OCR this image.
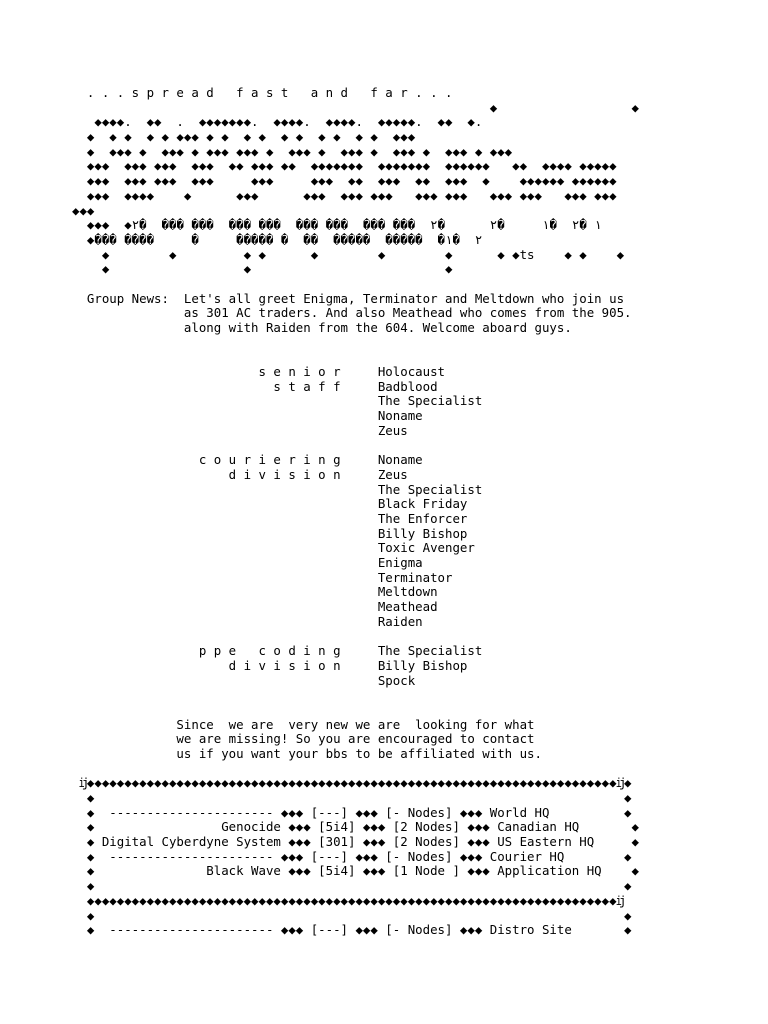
. . . s p r e a d   f a s t   a n d   f a r . . .
◆                  ◆
◆◆◆◆.  ◆◆  .  ◆◆◆◆◆◆◆.  ◆◆◆◆.  ◆◆◆◆.  ◆◆◆◆◆.  ◆◆  ◆.
◆  ◆ ◆  ◆ ◆ ◆◆◆ ◆ ◆  ◆ ◆  ◆ ◆  ◆ ◆  ◆ ◆  ◆◆◆
◆  ◆◆◆ ◆  ◆◆◆ ◆ ◆◆◆ ◆◆◆ ◆  ◆◆◆ ◆  ◆◆◆ ◆  ◆◆◆ ◆  ◆◆◆ ◆ ◆◆◆
◆◆◆  ◆◆◆ ◆◆◆  ◆◆◆  ◆◆ ◆◆◆ ◆◆  ◆◆◆◆◆◆◆  ◆◆◆◆◆◆◆  ◆◆◆◆◆◆   ◆◆  ◆◆◆◆ ◆◆◆◆◆
◆◆◆  ◆◆◆ ◆◆◆  ◆◆◆     ◆◆◆     ◆◆◆  ◆◆  ◆◆◆  ◆◆  ◆◆◆  ◆    ◆◆◆◆◆◆ ◆◆◆◆◆◆
◆◆◆  ◆◆◆◆    ◆      ◆◆◆      ◆◆◆  ◆◆◆ ◆◆◆   ◆◆◆ ◆◆◆   ◆◆◆ ◆◆◆   ◆◆◆ ◆◆◆
◆◆◆
◆◆◆  ◆١ �٢  �١     �٢      �٢  ��� ���  ��� ���  ��� ���  ��� ���  �٢
◆��� ����     �     ����� �  ��  �����  �����  �٢  �١
◆        ◆         ◆ ◆      ◆        ◆        ◆      ◆ ◆ts    ◆ ◆    ◆
◆                  ◆                          ◆
Group News:  Let's all greet Enigma, Terminator and Meltdown who join us
as 301 AC traders. And also Meathead who comes from the 905.
along with Raiden from the 604. Welcome aboard guys.
s e n i o r     Holocaust
s t a f f     Badblood
The Specialist
Noname
Zeus
c o u r i e r i n g     Noname
d i v i s i o n     Zeus
The Specialist
Black Friday
The Enforcer
Billy Bishop
Toxic Avenger
Enigma
Terminator
Meltdown
Meathead
Raiden
p p e   c o d i n g     The Specialist
d i v i s i o n     Billy Bishop
Spock
Since  we are  very new we are  looking for what
we are missing! So you are encouraged to contact
us if you want your bbs to be affiliated with us.
ĳ◆◆◆◆◆◆◆◆◆◆◆◆◆◆◆◆◆◆◆◆◆◆◆◆◆◆◆◆◆◆◆◆◆◆◆◆◆◆◆◆◆◆◆◆◆◆◆◆◆◆◆◆◆◆◆◆◆◆◆◆◆◆◆◆◆◆◆◆◆◆◆ĳ◆
◆                                                                       ◆
◆  ---------------------- ◆◆◆ [---] ◆◆◆ [- Nodes] ◆◆◆ World HQ          ◆
◆                 Genocide ◆◆◆ [5i4] ◆◆◆ [2 Nodes] ◆◆◆ Canadian HQ       ◆
◆ Digital Cyberdyne System ◆◆◆ [301] ◆◆◆ [2 Nodes] ◆◆◆ US Eastern HQ     ◆
◆  ---------------------- ◆◆◆ [---] ◆◆◆ [- Nodes] ◆◆◆ Courier HQ        ◆
◆               Black Wave ◆◆◆ [5i4] ◆◆◆ [1 Node ] ◆◆◆ Application HQ    ◆
◆                                                                       ◆
◆◆◆◆◆◆◆◆◆◆◆◆◆◆◆◆◆◆◆◆◆◆◆◆◆◆◆◆◆◆◆◆◆◆◆◆◆◆◆◆◆◆◆◆◆◆◆◆◆◆◆◆◆◆◆◆◆◆◆◆◆◆◆◆◆◆◆◆◆◆◆ĳ
◆                                                                       ◆
◆  ---------------------- ◆◆◆ [---] ◆◆◆ [- Nodes] ◆◆◆ Distro Site       ◆
